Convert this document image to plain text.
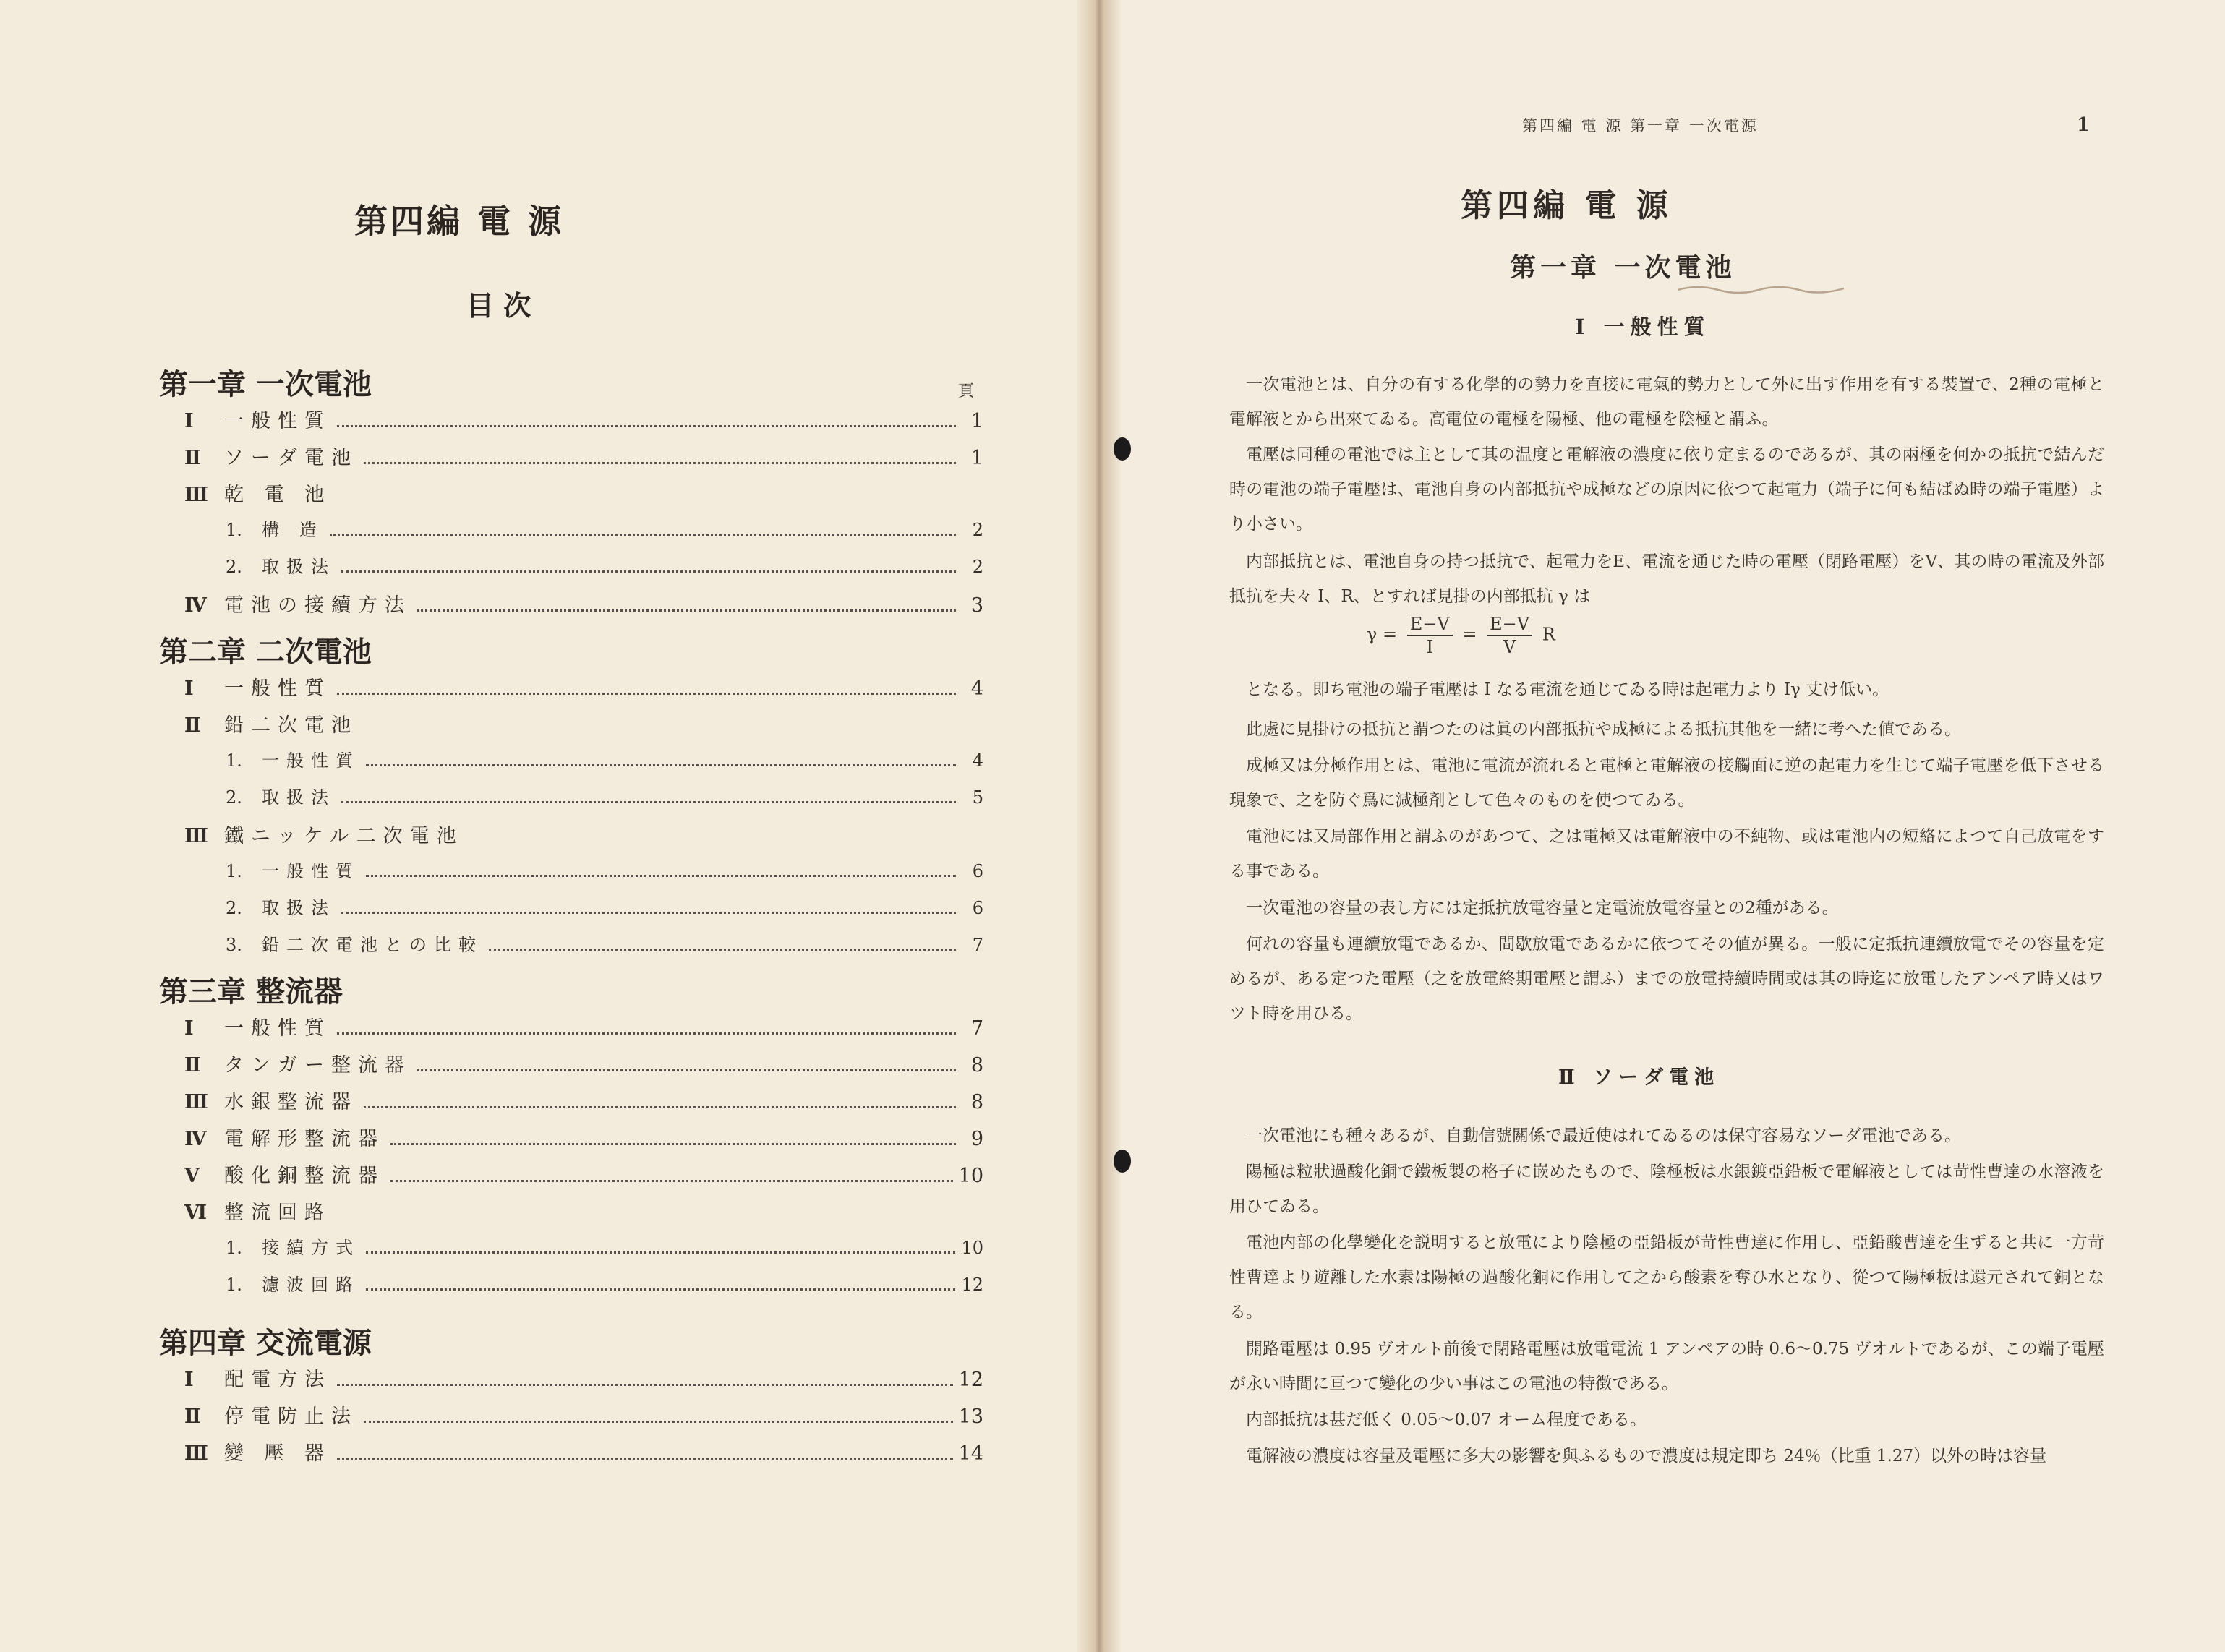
第四編 電 源
目 次
頁
第一章 一次電池
Ⅰ	一般性質	1
Ⅱ	ソーダ電池	1
Ⅲ 乾 電 池
1.	構 造	2
2.	取扱法	2
Ⅳ 電池の接續方法	3
第二章 二次電池
Ⅰ	一般性質	4
Ⅱ	鉛二次電池
1.	一般性質	4
2.	取扱法	5
Ⅲ 鐵ニッケル二次電池
1.	一般性質	6
2.	取扱法	6
3.	鉛二次電池との比較	7
第三章 整流器
Ⅰ	一般性質	7
Ⅱ	タンガー整流器	8
Ⅲ 水銀整流器	8
Ⅳ 電解形整流器	9
Ⅴ	酸化銅整流器	10
Ⅵ 整流回路
1.	接續方式	10
1.	濾波回路	12
第四章 交流電源
Ⅰ	配電方法	12
Ⅱ	停電防止法	13
Ⅲ 變 壓 器	14
第四編 電 源 第一章 一次電源	1
第四編 電 源
第一章 一次電池
Ⅰ 一般性質
一次電池とは、自分の有する化學的の勢力を直接に電氣的勢力として外に出す作用を有する裝置で、2種の電極と電解液とから出來てゐる。高電位の電極を陽極、他の電極を陰極と謂ふ。
電壓は同種の電池では主として其の温度と電解液の濃度に依り定まるのであるが、其の兩極を何かの抵抗で結んだ時の電池の端子電壓は、電池自身の内部抵抗や成極などの原因に依つて起電力（端子に何も結ばぬ時の端子電壓）より小さい。
内部抵抗とは、電池自身の持つ抵抗で、起電力をE、電流を通じた時の電壓（閉路電壓）をV、其の時の電流及外部抵抗を夫々 I、R、とすれば見掛の内部抵抗 γ は
$\gamma = \frac{E-V}{I} = \frac{E-V}{V}$ R
となる。即ち電池の端子電壓は I なる電流を通じてゐる時は起電力より Iγ 丈け低い。
此處に見掛けの抵抗と謂つたのは眞の内部抵抗や成極による抵抗其他を一緒に考へた値である。
成極又は分極作用とは、電池に電流が流れると電極と電解液の接觸面に逆の起電力を生じて端子電壓を低下させる現象で、之を防ぐ爲に減極剤として色々のものを使つてゐる。
電池には又局部作用と謂ふのがあつて、之は電極又は電解液中の不純物、或は電池内の短絡によつて自己放電をする事である。
一次電池の容量の表し方には定抵抗放電容量と定電流放電容量との2種がある。
何れの容量も連續放電であるか、間歇放電であるかに依つてその値が異る。一般に定抵抗連續放電でその容量を定めるが、ある定つた電壓（之を放電終期電壓と謂ふ）までの放電持續時間或は其の時迄に放電したアンペア時又はワツト時を用ひる。
Ⅱ ソーダ電池
一次電池にも種々あるが、自動信號關係で最近使はれてゐるのは保守容易なソーダ電池である。
陽極は粒狀過酸化銅で鐵板製の格子に嵌めたもので、陰極板は水銀鍍亞鉛板で電解液としては苛性曹達の水溶液を用ひてゐる。
電池内部の化學變化を説明すると放電により陰極の亞鉛板が苛性曹達に作用し、亞鉛酸曹達を生ずると共に一方苛性曹達より遊離した水素は陽極の過酸化銅に作用して之から酸素を奪ひ水となり、從つて陽極板は還元されて銅となる。
開路電壓は 0.95 ヴオルト前後で閉路電壓は放電電流 1 アンペアの時 0.6～0.75 ヴオルトであるが、この端子電壓が永い時間に亘つて變化の少い事はこの電池の特徴である。
内部抵抗は甚だ低く 0.05～0.07 オーム程度である。
電解液の濃度は容量及電壓に多大の影響を與ふるもので濃度は規定即ち 24％（比重 1.27）以外の時は容量
